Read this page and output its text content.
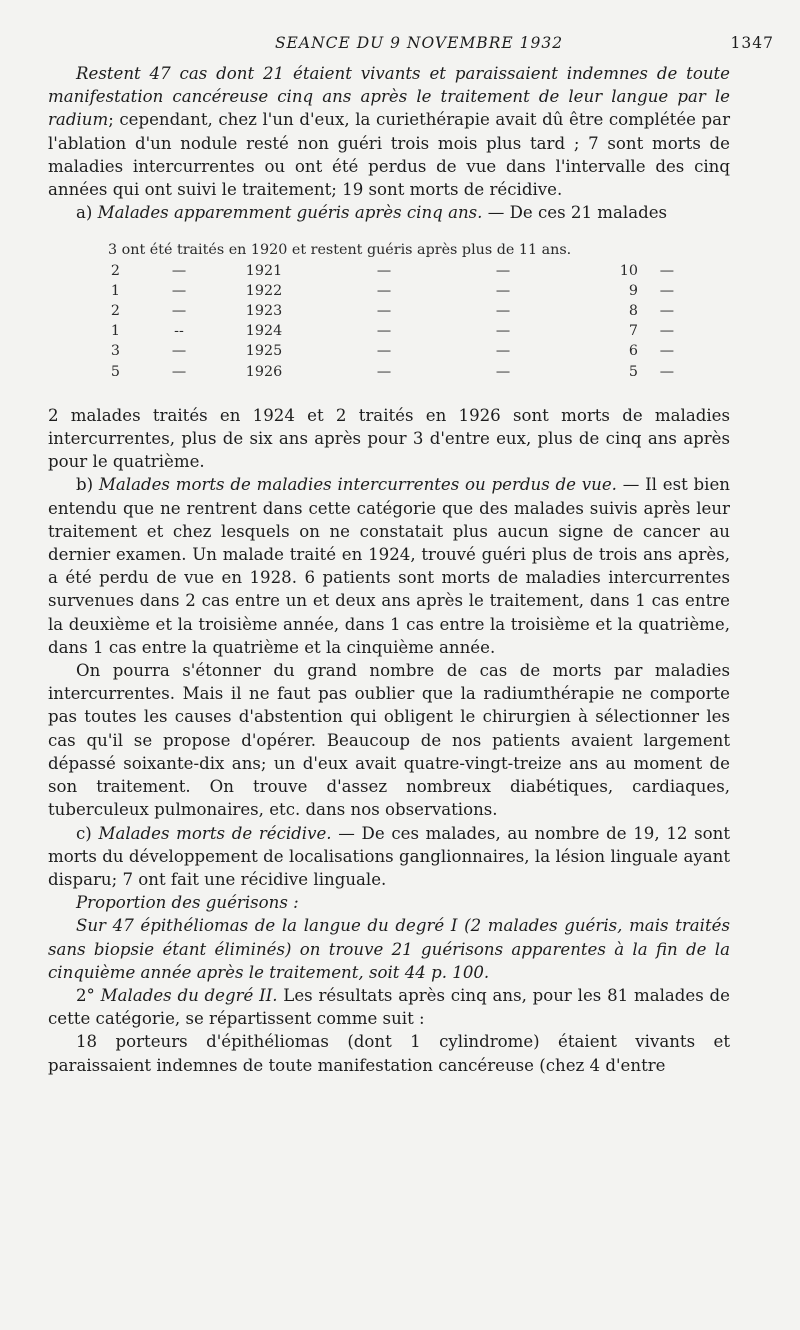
SEANCE DU 9 NOVEMBRE 1932	1347

Restent 47 cas dont 21 étaient vivants et paraissaient indemnes de toute manifestation cancéreuse cinq ans après le traitement de leur langue par le radium; cependant, chez l'un d'eux, la curiethérapie avait dû être complétée par l'ablation d'un nodule resté non guéri trois mois plus tard ; 7 sont morts de maladies intercurrentes ou ont été perdus de vue dans l'intervalle des cinq années qui ont suivi le traitement; 19 sont morts de récidive.

a) Malades apparemment guéris après cinq ans. — De ces 21 malades

3 ont été traités en 1920 et restent guéris après plus de 11 ans.
2	—	1921	—	—	10	—
1	—	1922	—	—	9	—
2	—	1923	—	—	8	—
1	--	1924	—	—	7	—
3	—	1925	—	—	6	—
5	—	1926	—	—	5	—

2 malades traités en 1924 et 2 traités en 1926 sont morts de maladies intercurrentes, plus de six ans après pour 3 d'entre eux, plus de cinq ans après pour le quatrième.

b) Malades morts de maladies intercurrentes ou perdus de vue. — Il est bien entendu que ne rentrent dans cette catégorie que des malades suivis après leur traitement et chez lesquels on ne constatait plus aucun signe de cancer au dernier examen. Un malade traité en 1924, trouvé guéri plus de trois ans après, a été perdu de vue en 1928. 6 patients sont morts de maladies intercurrentes survenues dans 2 cas entre un et deux ans après le traitement, dans 1 cas entre la deuxième et la troisième année, dans 1 cas entre la troisième et la quatrième, dans 1 cas entre la quatrième et la cinquième année.

On pourra s'étonner du grand nombre de cas de morts par maladies intercurrentes. Mais il ne faut pas oublier que la radiumthérapie ne comporte pas toutes les causes d'abstention qui obligent le chirurgien à sélectionner les cas qu'il se propose d'opérer. Beaucoup de nos patients avaient largement dépassé soixante-dix ans; un d'eux avait quatre-vingt-treize ans au moment de son traitement. On trouve d'assez nombreux diabétiques, cardiaques, tuberculeux pulmonaires, etc. dans nos observations.

c) Malades morts de récidive. — De ces malades, au nombre de 19, 12 sont morts du développement de localisations ganglionnaires, la lésion linguale ayant disparu; 7 ont fait une récidive linguale.

Proportion des guérisons :

Sur 47 épithéliomas de la langue du degré I (2 malades guéris, mais traités sans biopsie étant éliminés) on trouve 21 guérisons apparentes à la fin de la cinquième année après le traitement, soit 44 p. 100.

2° Malades du degré II. Les résultats après cinq ans, pour les 81 malades de cette catégorie, se répartissent comme suit :

18 porteurs d'épithéliomas (dont 1 cylindrome) étaient vivants et paraissaient indemnes de toute manifestation cancéreuse (chez 4 d'entre
